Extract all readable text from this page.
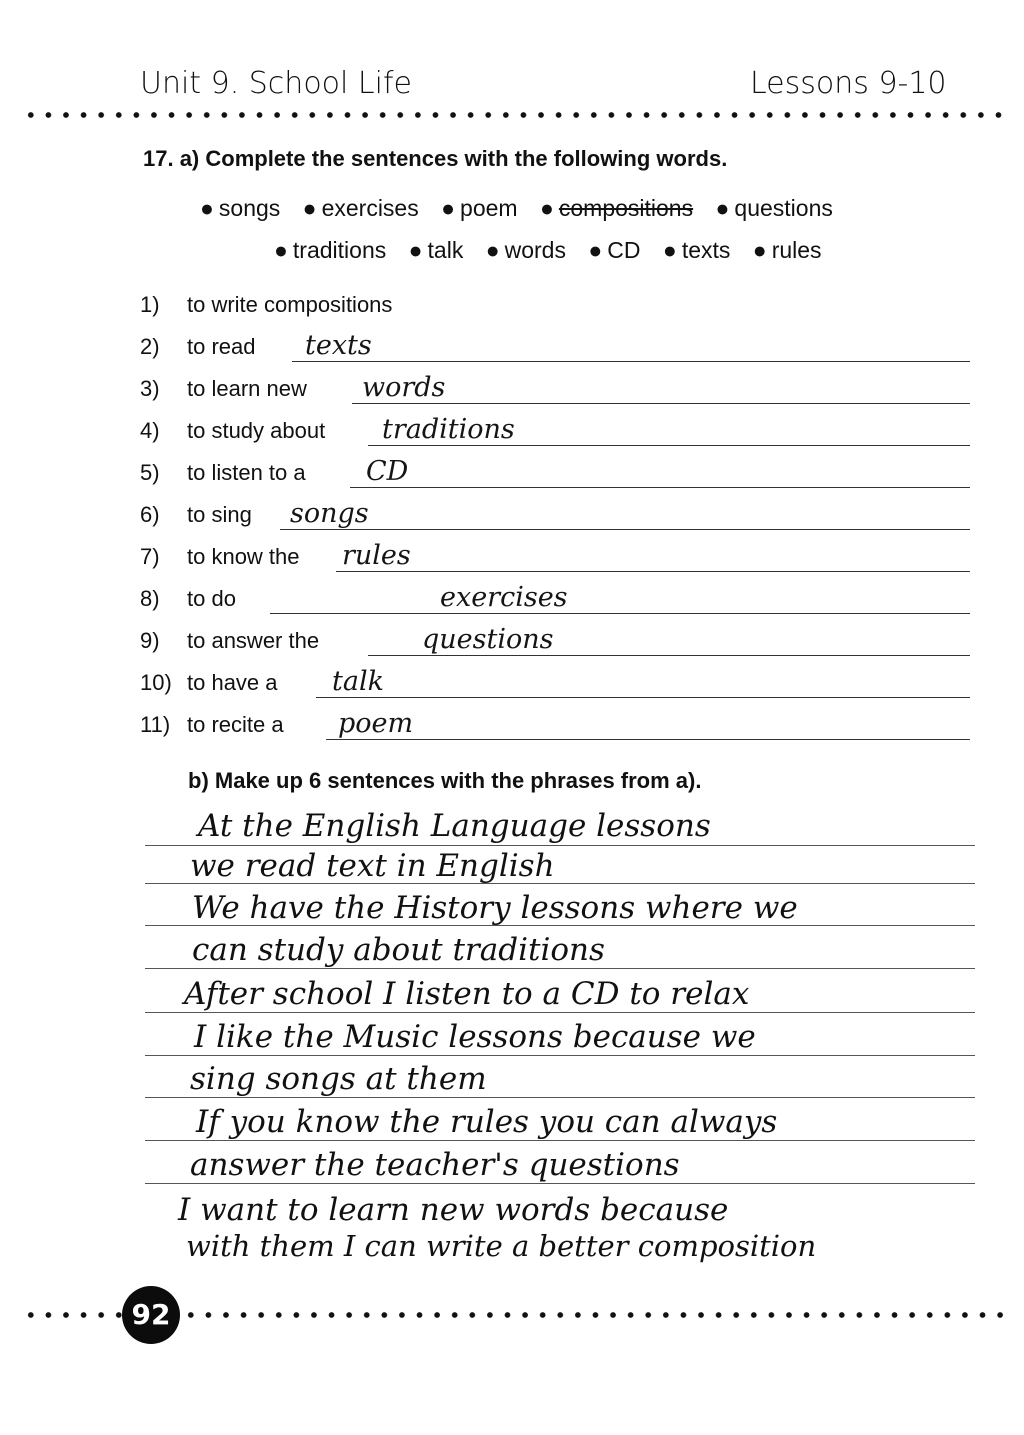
Unit 9. School Life	Lessons 9-10
17. a) Complete the sentences with the following words.
● songs ● exercises ● poem ● compositions ● questions
● traditions ● talk ● words ● CD ● texts ● rules
1) to write compositions
2) to read texts
3) to learn new words
4) to study about traditions
5) to listen to a CD
6) to sing songs
7) to know the rules
8) to do	exercises
9) to answer the	questions
10) to have a talk
11) to recite a poem
b) Make up 6 sentences with the phrases from a).
At the English Language lessons
we read text in English
We have the History lessons where we
can study about traditions
After school I listen to a CD to relax
I like the Music lessons because we
sing songs at them
If you know the rules you can always
answer the teacher's questions
I want to learn new words because
with them I can write a better composition
92
